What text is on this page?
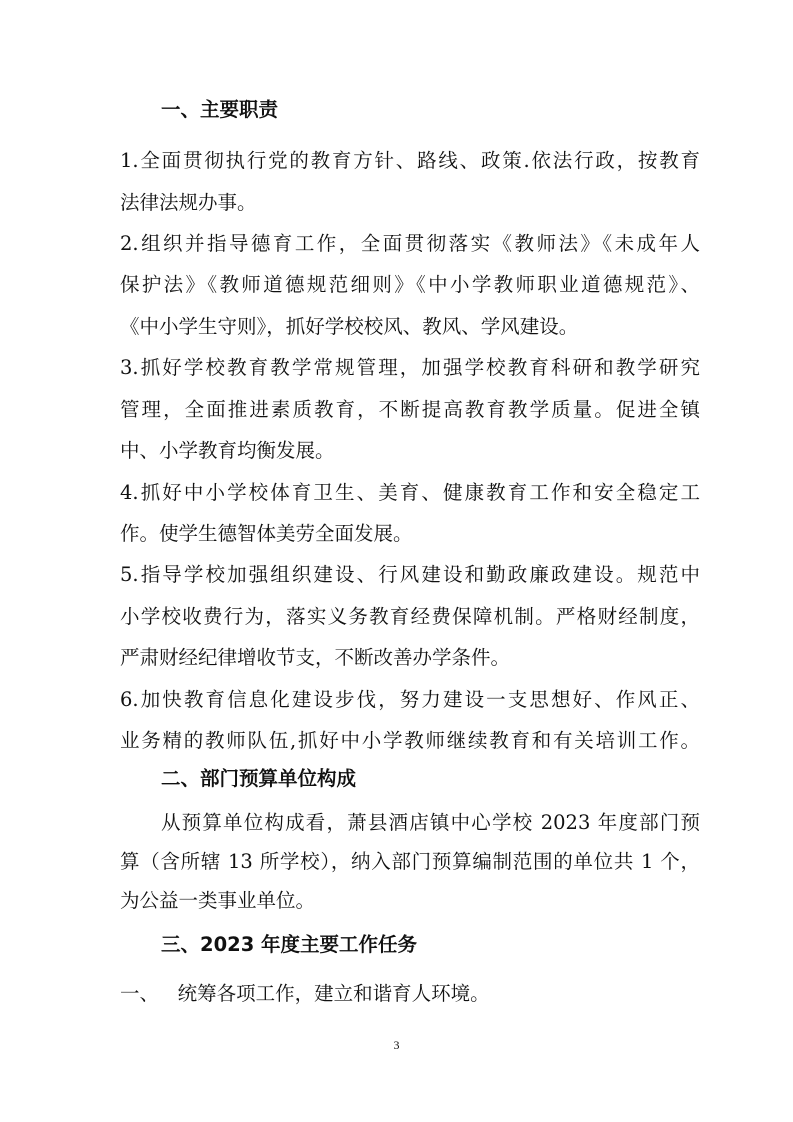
一、主要职责
1.全面贯彻执行党的教育方针、路线、政策.依法行政，按教育
法律法规办事。
2.组织并指导德育工作，全面贯彻落实《教师法》《未成年人
保护法》《教师道德规范细则》《中小学教师职业道德规范》、
《中小学生守则》，抓好学校校风、教风、学风建设。
3.抓好学校教育教学常规管理，加强学校教育科研和教学研究
管理，全面推进素质教育，不断提高教育教学质量。促进全镇
中、小学教育均衡发展。
4.抓好中小学校体育卫生、美育、健康教育工作和安全稳定工
作。使学生德智体美劳全面发展。
5.指导学校加强组织建设、行风建设和勤政廉政建设。规范中
小学校收费行为，落实义务教育经费保障机制。严格财经制度，
严肃财经纪律增收节支，不断改善办学条件。
6.加快教育信息化建设步伐，努力建设一支思想好、作风正、
业务精的教师队伍,抓好中小学教师继续教育和有关培训工作。
二、部门预算单位构成
从预算单位构成看，萧县酒店镇中心学校 2023 年度部门预
算（含所辖 13 所学校），纳入部门预算编制范围的单位共 1 个，
为公益一类事业单位。
三、2023 年度主要工作任务
一、   统筹各项工作，建立和谐育人环境。
3
